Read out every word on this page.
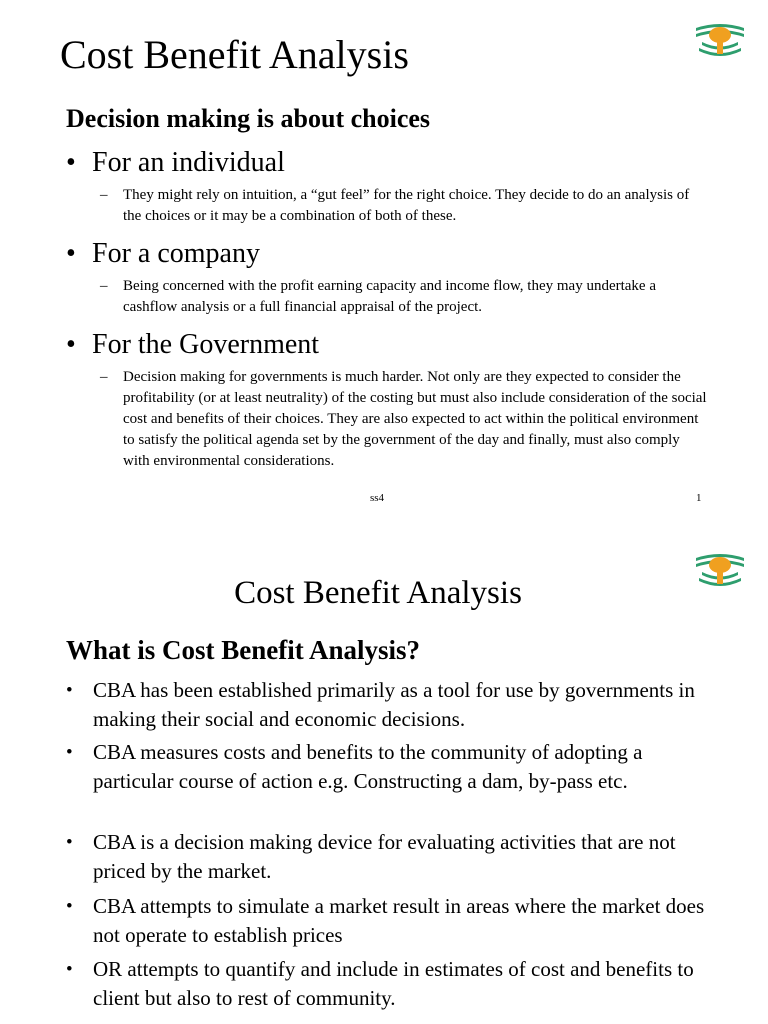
Cost Benefit Analysis
Decision making is about choices
• For an individual
– They might rely on intuition, a “gut feel” for the right choice. They decide to do an analysis of the choices or it may be a combination of both of these.
• For a company
– Being concerned with the profit earning capacity and income flow, they may undertake a cashflow analysis or a full financial appraisal of the project.
• For the Government
– Decision making for governments is much harder. Not only are they expected to consider the profitability (or at least neutrality) of the costing but must also include consideration of the social cost and benefits of their choices. They are also expected to act within the political environment to satisfy the political agenda set by the government of the day and finally, must also comply with environmental considerations.
ss4	1
Cost Benefit Analysis
What is Cost Benefit Analysis?
• CBA has been established primarily as a tool for use by governments in making their social and economic decisions.
• CBA measures costs and benefits to the community of adopting a particular course of action e.g. Constructing a dam, by-pass etc.
• CBA is a decision making device for evaluating activities that are not priced by the market.
• CBA attempts to simulate a market result in areas where the market does not operate to establish prices
• OR attempts to quantify and include in estimates of cost and benefits to client but also to rest of community.
